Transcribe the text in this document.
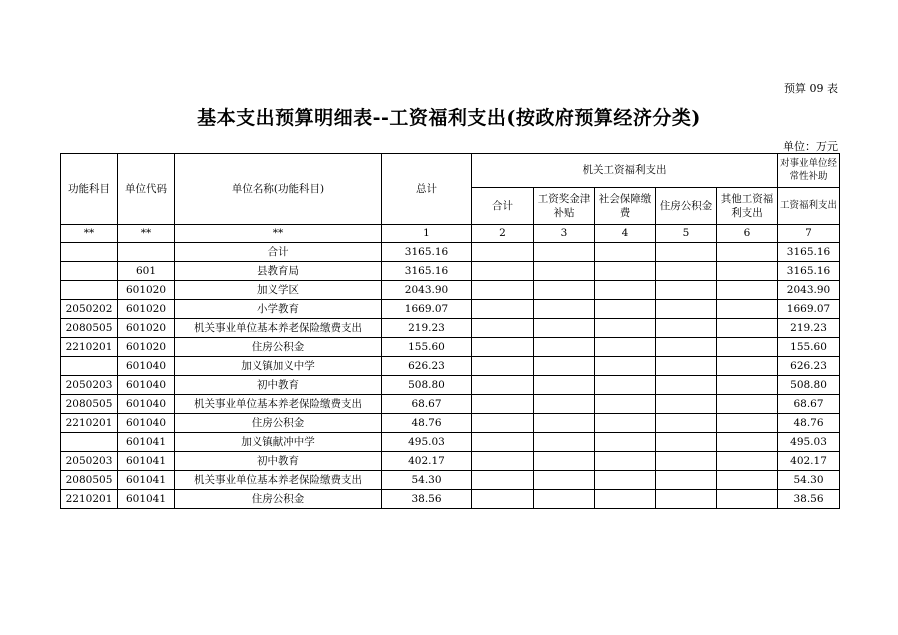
预算 09 表
基本支出预算明细表--工资福利支出(按政府预算经济分类)
单位：万元
功能科目	单位代码	单位名称(功能科目)	总计	机关工资福利支出					对事业单位经常性补助
				合计	工资奖金津补贴	社会保障缴费	住房公积金	其他工资福利支出	工资福利支出
**	**	**	1	2	3	4	5	6	7
		合计	3165.16						3165.16
	601	县教育局	3165.16						3165.16
	601020	加义学区	2043.90						2043.90
2050202	601020	小学教育	1669.07						1669.07
2080505	601020	机关事业单位基本养老保险缴费支出	219.23						219.23
2210201	601020	住房公积金	155.60						155.60
	601040	加义镇加义中学	626.23						626.23
2050203	601040	初中教育	508.80						508.80
2080505	601040	机关事业单位基本养老保险缴费支出	68.67						68.67
2210201	601040	住房公积金	48.76						48.76
	601041	加义镇献冲中学	495.03						495.03
2050203	601041	初中教育	402.17						402.17
2080505	601041	机关事业单位基本养老保险缴费支出	54.30						54.30
2210201	601041	住房公积金	38.56						38.56
